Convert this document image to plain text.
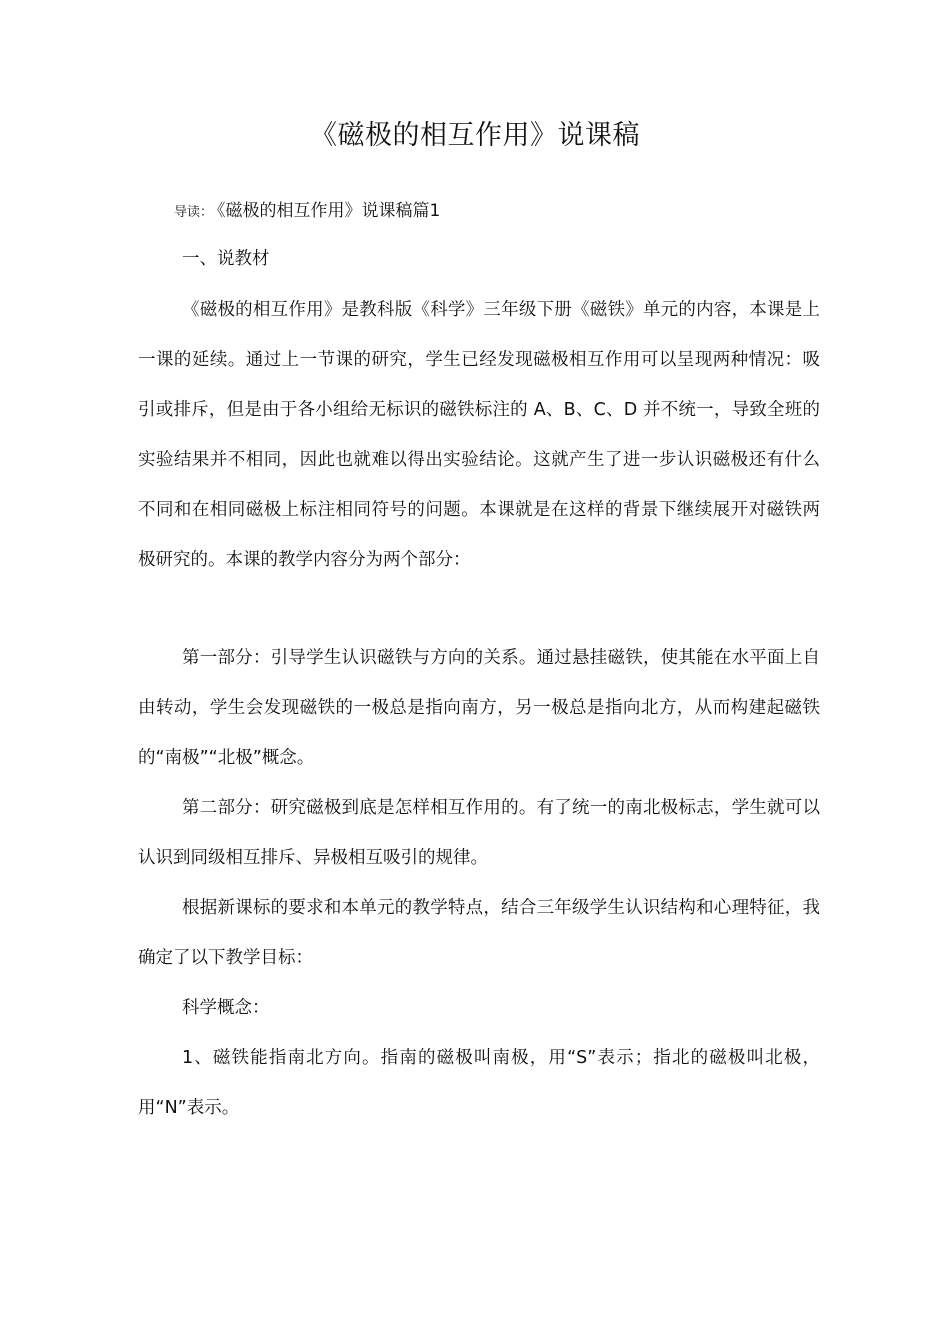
《磁极的相互作用》说课稿
导读： 《磁极的相互作用》说课稿篇1
一、说教材

《磁极的相互作用》是教科版《科学》三年级下册《磁铁》单元的内容，本课是上一课的延续。通过上一节课的研究，学生已经发现磁极相互作用可以呈现两种情况：吸引或排斥，但是由于各小组给无标识的磁铁标注的 A、B、C、D 并不统一，导致全班的实验结果并不相同，因此也就难以得出实验结论。这就产生了进一步认识磁极还有什么不同和在相同磁极上标注相同符号的问题。本课就是在这样的背景下继续展开对磁铁两极研究的。本课的教学内容分为两个部分：

第一部分：引导学生认识磁铁与方向的关系。通过悬挂磁铁，使其能在水平面上自由转动，学生会发现磁铁的一极总是指向南方，另一极总是指向北方，从而构建起磁铁的“南极”“北极”概念。

第二部分：研究磁极到底是怎样相互作用的。有了统一的南北极标志，学生就可以认识到同级相互排斥、异极相互吸引的规律。

根据新课标的要求和本单元的教学特点，结合三年级学生认识结构和心理特征，我确定了以下教学目标：

科学概念：

1、磁铁能指南北方向。指南的磁极叫南极，用“S”表示；指北的磁极叫北极，用“N”表示。
